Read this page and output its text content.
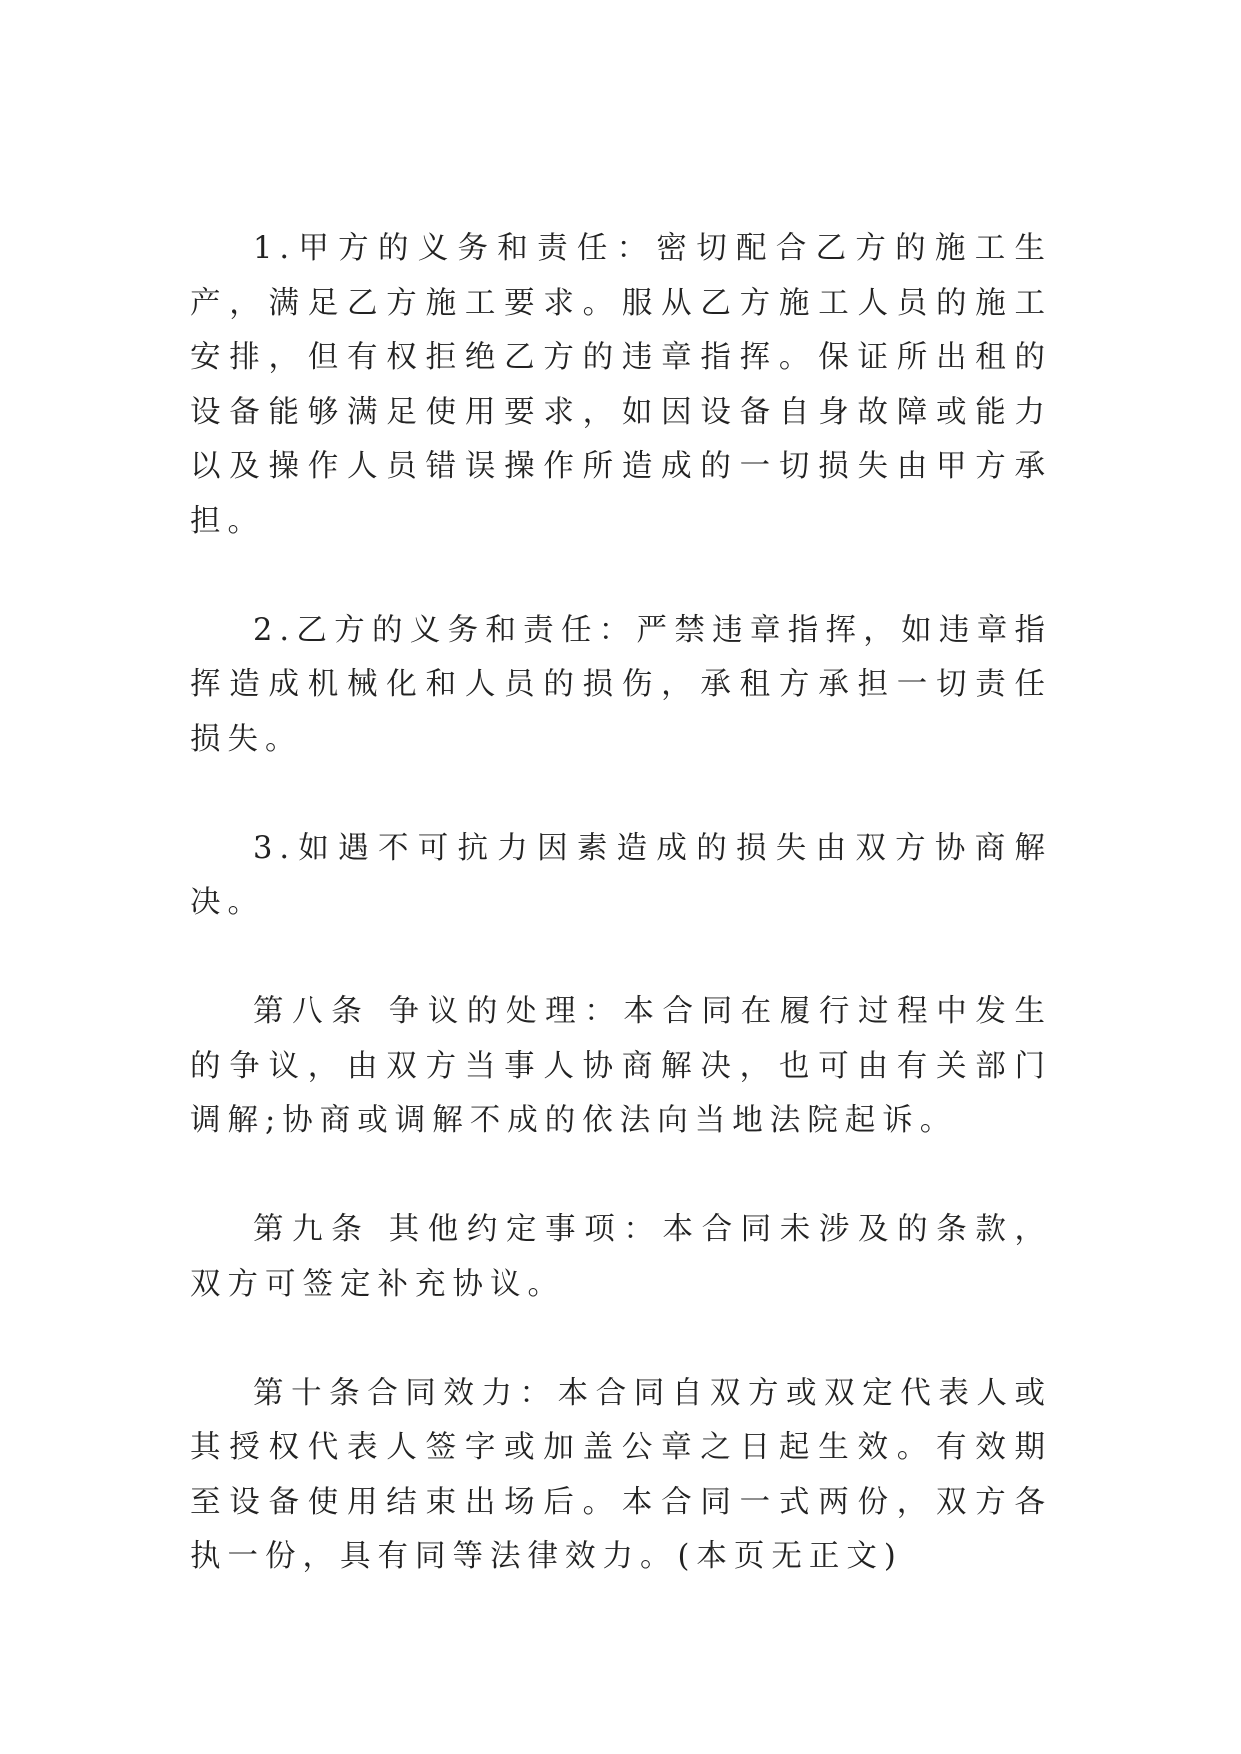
1.甲方的义务和责任：密切配合乙方的施工生产，满足乙方施工要求。服从乙方施工人员的施工安排，但有权拒绝乙方的违章指挥。保证所出租的设备能够满足使用要求，如因设备自身故障或能力以及操作人员错误操作所造成的一切损失由甲方承担。

2.乙方的义务和责任：严禁违章指挥，如违章指挥造成机械化和人员的损伤，承租方承担一切责任损失。

3.如遇不可抗力因素造成的损失由双方协商解决。

第八条 争议的处理：本合同在履行过程中发生的争议，由双方当事人协商解决，也可由有关部门调解;协商或调解不成的依法向当地法院起诉。

第九条 其他约定事项：本合同未涉及的条款，双方可签定补充协议。

第十条合同效力：本合同自双方或双定代表人或其授权代表人签字或加盖公章之日起生效。有效期至设备使用结束出场后。本合同一式两份，双方各执一份，具有同等法律效力。(本页无正文)
